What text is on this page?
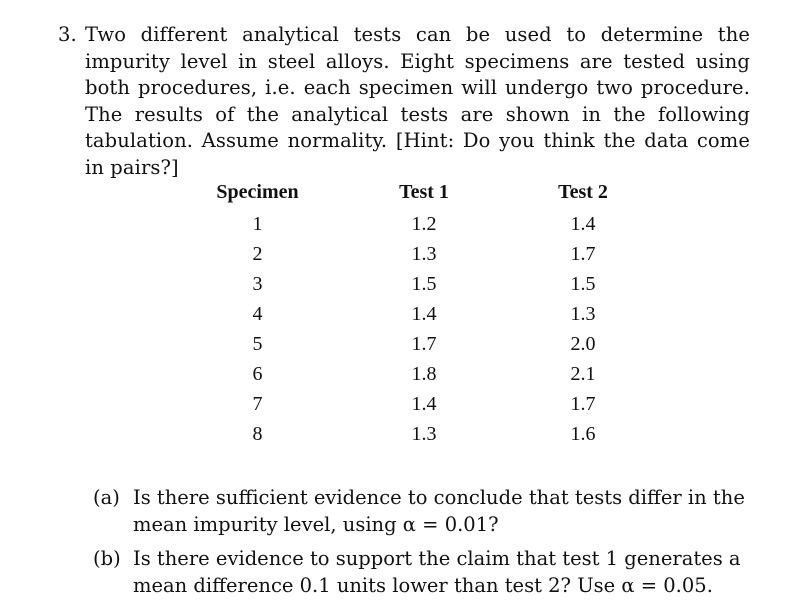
3. Two different analytical tests can be used to determine the impurity level in steel alloys. Eight specimens are tested using both procedures, i.e. each specimen will undergo two procedure. The results of the analytical tests are shown in the following tabulation. Assume normality. [Hint: Do you think the data come in pairs?]
Specimen	Test 1	Test 2
1	1.2	1.4
2	1.3	1.7
3	1.5	1.5
4	1.4	1.3
5	1.7	2.0
6	1.8	2.1
7	1.4	1.7
8	1.3	1.6
(a) Is there sufficient evidence to conclude that tests differ in the mean impurity level, using α = 0.01?
(b) Is there evidence to support the claim that test 1 generates a mean difference 0.1 units lower than test 2? Use α = 0.05.
